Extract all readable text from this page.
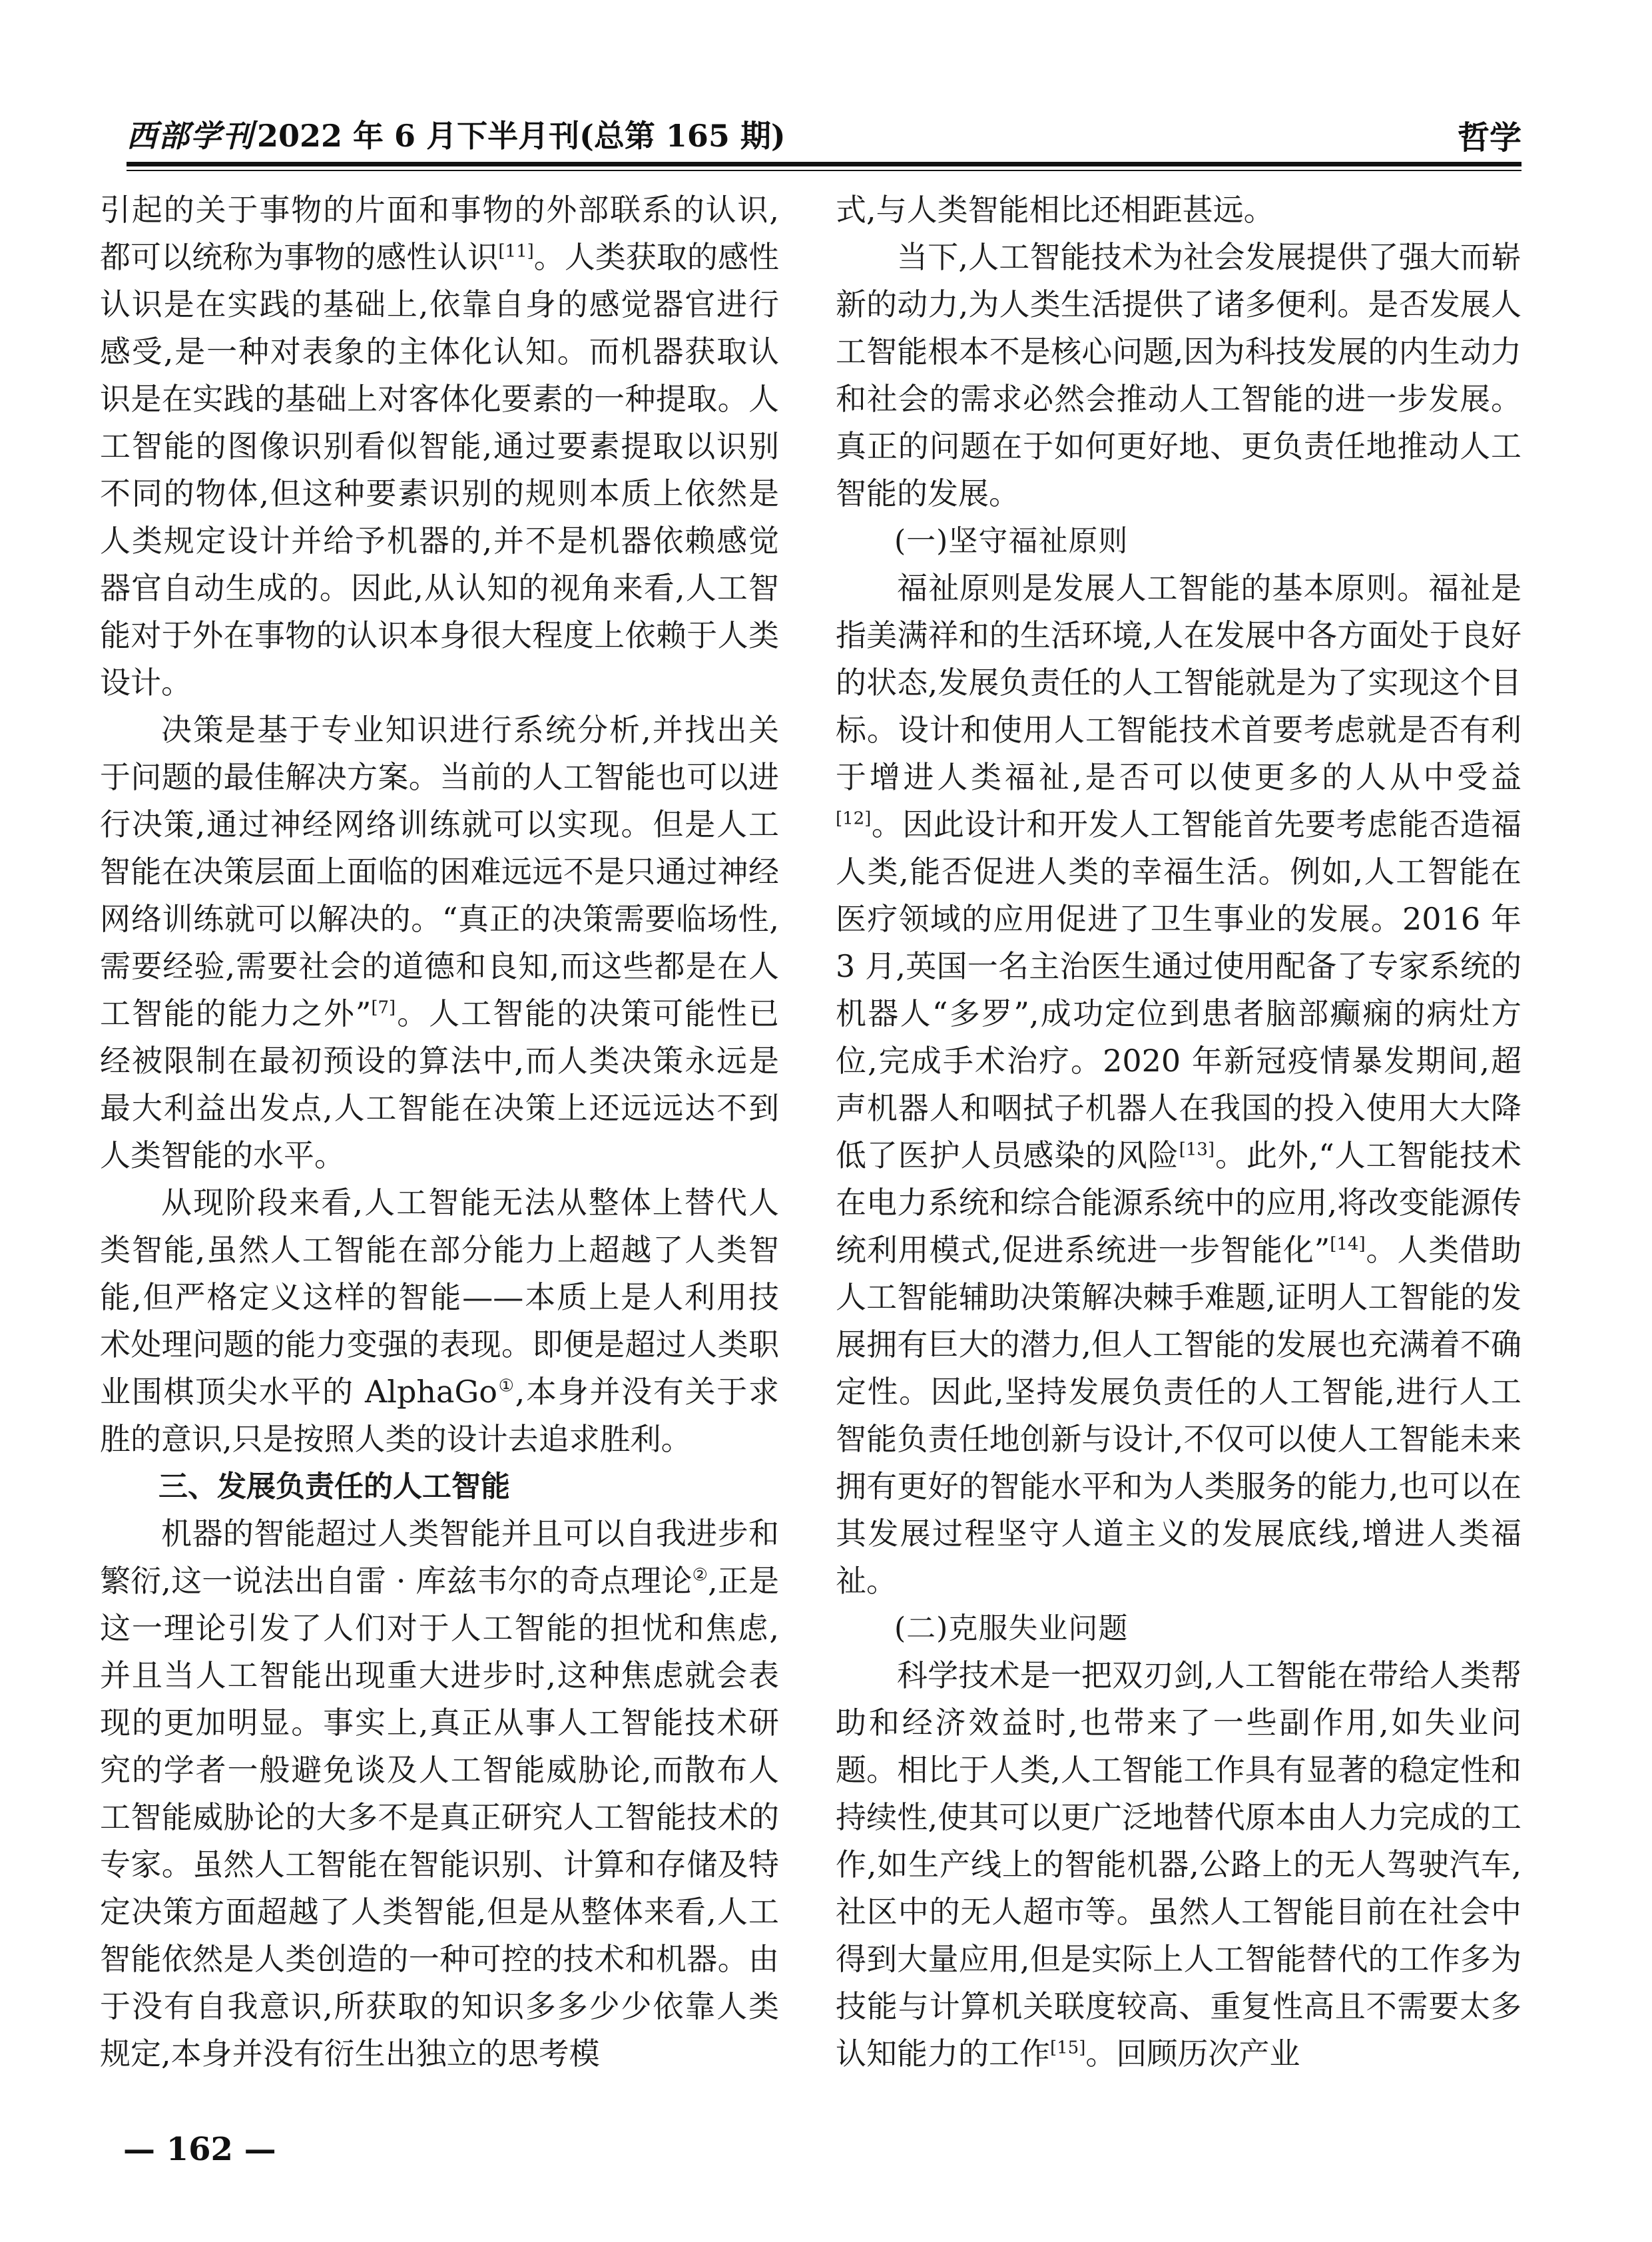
西部学刊2022 年 6 月下半月刊(总第 165 期)	哲学

引起的关于事物的片面和事物的外部联系的认识,都可以统称为事物的感性认识[11]。人类获取的感性认识是在实践的基础上,依靠自身的感觉器官进行感受,是一种对表象的主体化认知。而机器获取认识是在实践的基础上对客体化要素的一种提取。人工智能的图像识别看似智能,通过要素提取以识别不同的物体,但这种要素识别的规则本质上依然是人类规定设计并给予机器的,并不是机器依赖感觉器官自动生成的。因此,从认知的视角来看,人工智能对于外在事物的认识本身很大程度上依赖于人类设计。

决策是基于专业知识进行系统分析,并找出关于问题的最佳解决方案。当前的人工智能也可以进行决策,通过神经网络训练就可以实现。但是人工智能在决策层面上面临的困难远远不是只通过神经网络训练就可以解决的。“真正的决策需要临场性,需要经验,需要社会的道德和良知,而这些都是在人工智能的能力之外”[7]。人工智能的决策可能性已经被限制在最初预设的算法中,而人类决策永远是最大利益出发点,人工智能在决策上还远远达不到人类智能的水平。

从现阶段来看,人工智能无法从整体上替代人类智能,虽然人工智能在部分能力上超越了人类智能,但严格定义这样的智能——本质上是人利用技术处理问题的能力变强的表现。即便是超过人类职业围棋顶尖水平的 AlphaGo①,本身并没有关于求胜的意识,只是按照人类的设计去追求胜利。

三、发展负责任的人工智能

机器的智能超过人类智能并且可以自我进步和繁衍,这一说法出自雷 · 库兹韦尔的奇点理论②,正是这一理论引发了人们对于人工智能的担忧和焦虑,并且当人工智能出现重大进步时,这种焦虑就会表现的更加明显。事实上,真正从事人工智能技术研究的学者一般避免谈及人工智能威胁论,而散布人工智能威胁论的大多不是真正研究人工智能技术的专家。虽然人工智能在智能识别、计算和存储及特定决策方面超越了人类智能,但是从整体来看,人工智能依然是人类创造的一种可控的技术和机器。由于没有自我意识,所获取的知识多多少少依靠人类规定,本身并没有衍生出独立的思考模

式,与人类智能相比还相距甚远。

当下,人工智能技术为社会发展提供了强大而崭新的动力,为人类生活提供了诸多便利。是否发展人工智能根本不是核心问题,因为科技发展的内生动力和社会的需求必然会推动人工智能的进一步发展。真正的问题在于如何更好地、更负责任地推动人工智能的发展。

(一)坚守福祉原则

福祉原则是发展人工智能的基本原则。福祉是指美满祥和的生活环境,人在发展中各方面处于良好的状态,发展负责任的人工智能就是为了实现这个目标。设计和使用人工智能技术首要考虑就是否有利于增进人类福祉,是否可以使更多的人从中受益[12]。因此设计和开发人工智能首先要考虑能否造福人类,能否促进人类的幸福生活。例如,人工智能在医疗领域的应用促进了卫生事业的发展。2016 年 3 月,英国一名主治医生通过使用配备了专家系统的机器人“多罗”,成功定位到患者脑部癫痫的病灶方位,完成手术治疗。2020 年新冠疫情暴发期间,超声机器人和咽拭子机器人在我国的投入使用大大降低了医护人员感染的风险[13]。此外,“人工智能技术在电力系统和综合能源系统中的应用,将改变能源传统利用模式,促进系统进一步智能化”[14]。人类借助人工智能辅助决策解决棘手难题,证明人工智能的发展拥有巨大的潜力,但人工智能的发展也充满着不确定性。因此,坚持发展负责任的人工智能,进行人工智能负责任地创新与设计,不仅可以使人工智能未来拥有更好的智能水平和为人类服务的能力,也可以在其发展过程坚守人道主义的发展底线,增进人类福祉。

(二)克服失业问题

科学技术是一把双刃剑,人工智能在带给人类帮助和经济效益时,也带来了一些副作用,如失业问题。相比于人类,人工智能工作具有显著的稳定性和持续性,使其可以更广泛地替代原本由人力完成的工作,如生产线上的智能机器,公路上的无人驾驶汽车,社区中的无人超市等。虽然人工智能目前在社会中得到大量应用,但是实际上人工智能替代的工作多为技能与计算机关联度较高、重复性高且不需要太多认知能力的工作[15]。回顾历次产业

— 162 —
